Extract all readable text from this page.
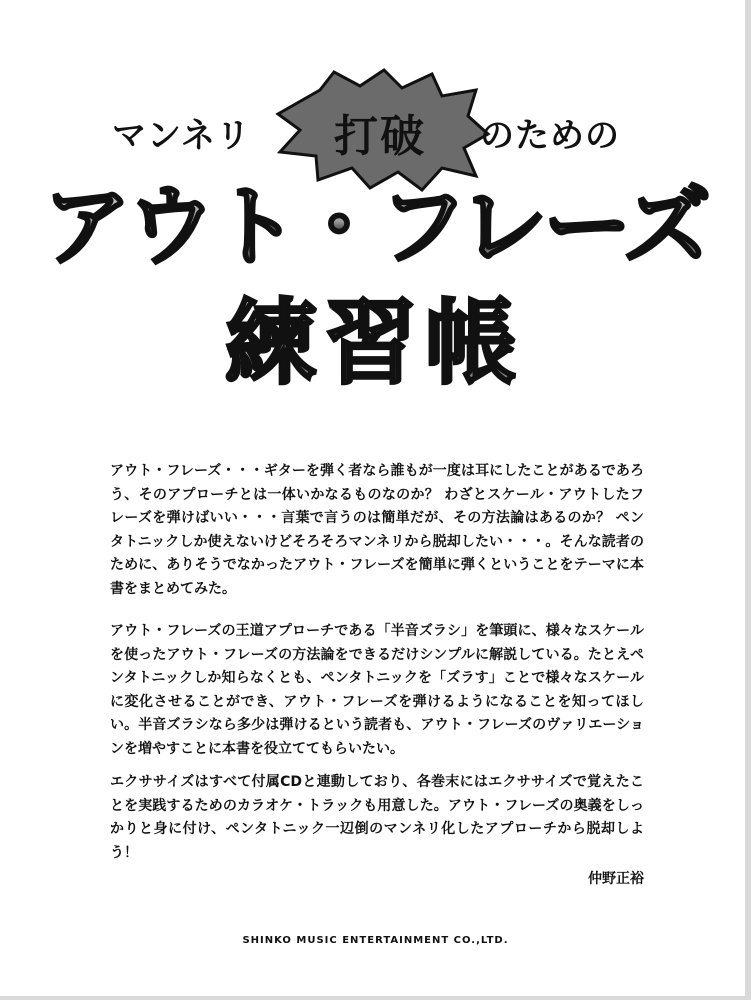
マンネリ	打破	のための
アウト・フレーズ
練習帳

アウト・フレーズ・・・ギターを弾く者なら誰もが一度は耳にしたことがあるであろう、そのアプローチとは一体いかなるものなのか？ わざとスケール・アウトしたフレーズを弾けばいい・・・言葉で言うのは簡単だが、その方法論はあるのか？ ペンタトニックしか使えないけどそろそろマンネリから脱却したい・・・。そんな読者のために、ありそうでなかったアウト・フレーズを簡単に弾くということをテーマに本書をまとめてみた。

アウト・フレーズの王道アプローチである「半音ズラシ」を筆頭に、様々なスケールを使ったアウト・フレーズの方法論をできるだけシンプルに解説している。たとえペンタトニックしか知らなくとも、ペンタトニックを「ズラす」ことで様々なスケールに変化させることができ、アウト・フレーズを弾けるようになることを知ってほしい。半音ズラシなら多少は弾けるという読者も、アウト・フレーズのヴァリエーションを増やすことに本書を役立ててもらいたい。

エクササイズはすべて付属CDと連動しており、各巻末にはエクササイズで覚えたことを実践するためのカラオケ・トラックも用意した。アウト・フレーズの奥義をしっかりと身に付け、ペンタトニック一辺倒のマンネリ化したアプローチから脱却しよう！

仲野正裕
SHINKO MUSIC ENTERTAINMENT CO.,LTD.
